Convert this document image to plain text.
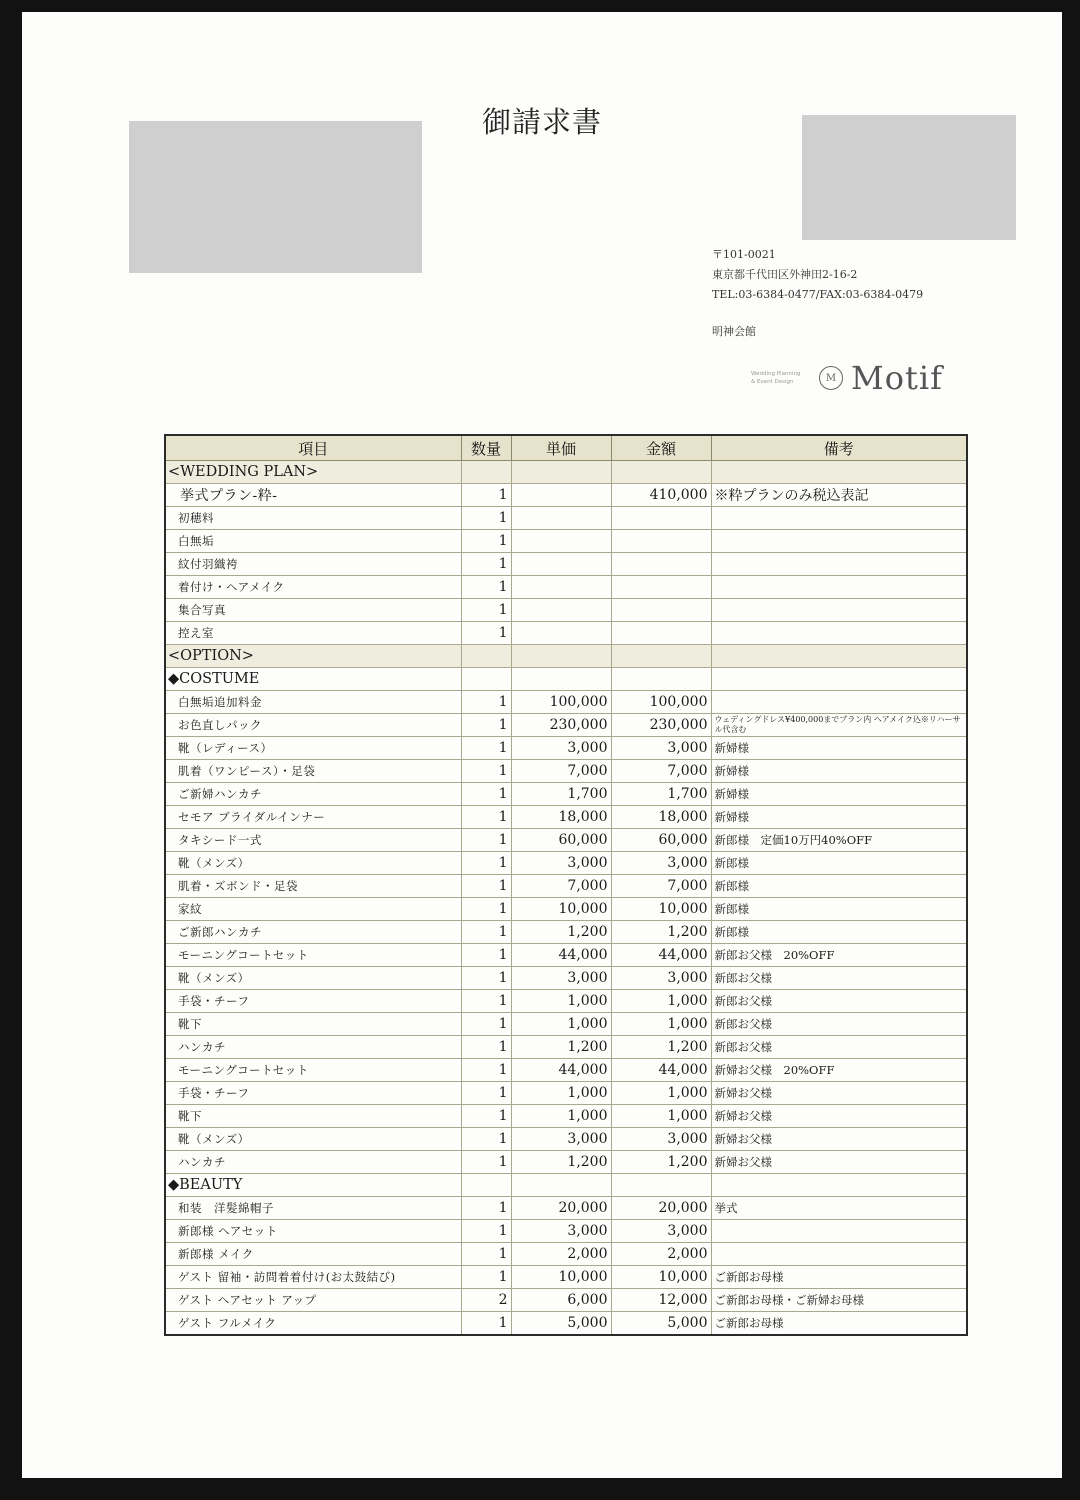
御請求書
〒101-0021
東京都千代田区外神田2-16-2
TEL:03-6384-0477/FAX:03-6384-0479
明神会館
Wedding Planning
& Event Design	M Motif
項目	数量	単価	金額	備考
<WEDDING PLAN>				
挙式プラン-粋-	1		410,000	※粋プランのみ税込表記
初穂料	1			
白無垢	1			
紋付羽織袴	1			
着付け・ヘアメイク	1			
集合写真	1			
控え室	1			
<OPTION>				
◆COSTUME				
白無垢追加料金	1	100,000	100,000	
お色直しパック	1	230,000	230,000	ウェディングドレス¥400,000までプラン内 ヘアメイク込※リハーサル代含む
靴（レディース）	1	3,000	3,000	新婦様
肌着（ワンピース）・足袋	1	7,000	7,000	新婦様
ご新婦ハンカチ	1	1,700	1,700	新婦様
セモア ブライダルインナー	1	18,000	18,000	新婦様
タキシード一式	1	60,000	60,000	新郎様　定価10万円40%OFF
靴（メンズ）	1	3,000	3,000	新郎様
肌着・ズボンド・足袋	1	7,000	7,000	新郎様
家紋	1	10,000	10,000	新郎様
ご新郎ハンカチ	1	1,200	1,200	新郎様
モーニングコートセット	1	44,000	44,000	新郎お父様　20%OFF
靴（メンズ）	1	3,000	3,000	新郎お父様
手袋・チーフ	1	1,000	1,000	新郎お父様
靴下	1	1,000	1,000	新郎お父様
ハンカチ	1	1,200	1,200	新郎お父様
モーニングコートセット	1	44,000	44,000	新婦お父様　20%OFF
手袋・チーフ	1	1,000	1,000	新婦お父様
靴下	1	1,000	1,000	新婦お父様
靴（メンズ）	1	3,000	3,000	新婦お父様
ハンカチ	1	1,200	1,200	新婦お父様
◆BEAUTY				
和装　洋髪綿帽子	1	20,000	20,000	挙式
新郎様 ヘアセット	1	3,000	3,000	
新郎様 メイク	1	2,000	2,000	
ゲスト 留袖・訪問着着付け(お太鼓結び)	1	10,000	10,000	ご新郎お母様
ゲスト ヘアセット アップ	2	6,000	12,000	ご新郎お母様・ご新婦お母様
ゲスト フルメイク	1	5,000	5,000	ご新郎お母様
